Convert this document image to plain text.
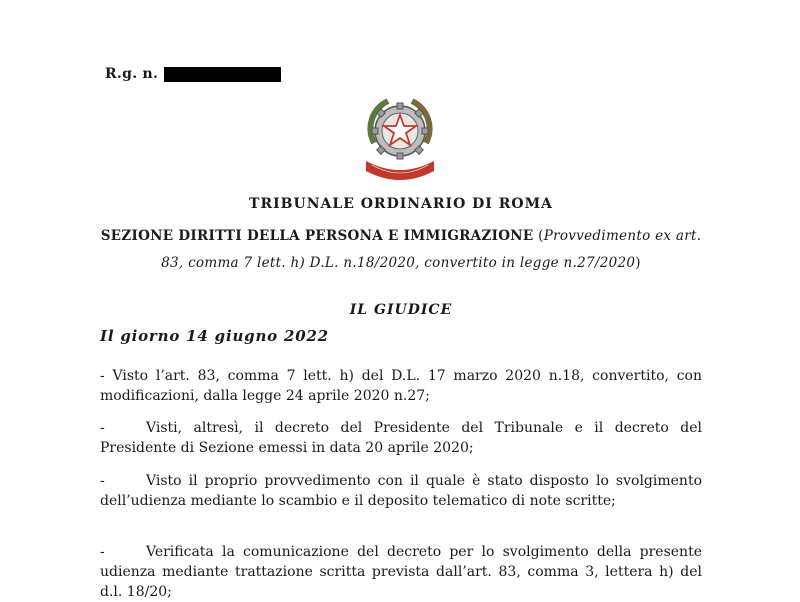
R.g. n.
TRIBUNALE ORDINARIO DI ROMA
SEZIONE DIRITTI DELLA PERSONA E IMMIGRAZIONE (Provvedimento ex art. 83, comma 7 lett. h) D.L. n.18/2020, convertito in legge n.27/2020)
IL GIUDICE
Il giorno 14 giugno 2022
- Visto l’art. 83, comma 7 lett. h) del D.L. 17 marzo 2020 n.18, convertito, con modificazioni, dalla legge 24 aprile 2020 n.27;
-	Visti, altresì, il decreto del Presidente del Tribunale e il decreto del Presidente di Sezione emessi in data 20 aprile 2020;
-	Visto il proprio provvedimento con il quale è stato disposto lo svolgimento dell’udienza mediante lo scambio e il deposito telematico di note scritte;
-	Verificata la comunicazione del decreto per lo svolgimento della presente udienza mediante trattazione scritta prevista dall’art. 83, comma 3, lettera h) del d.l. 18/20;
